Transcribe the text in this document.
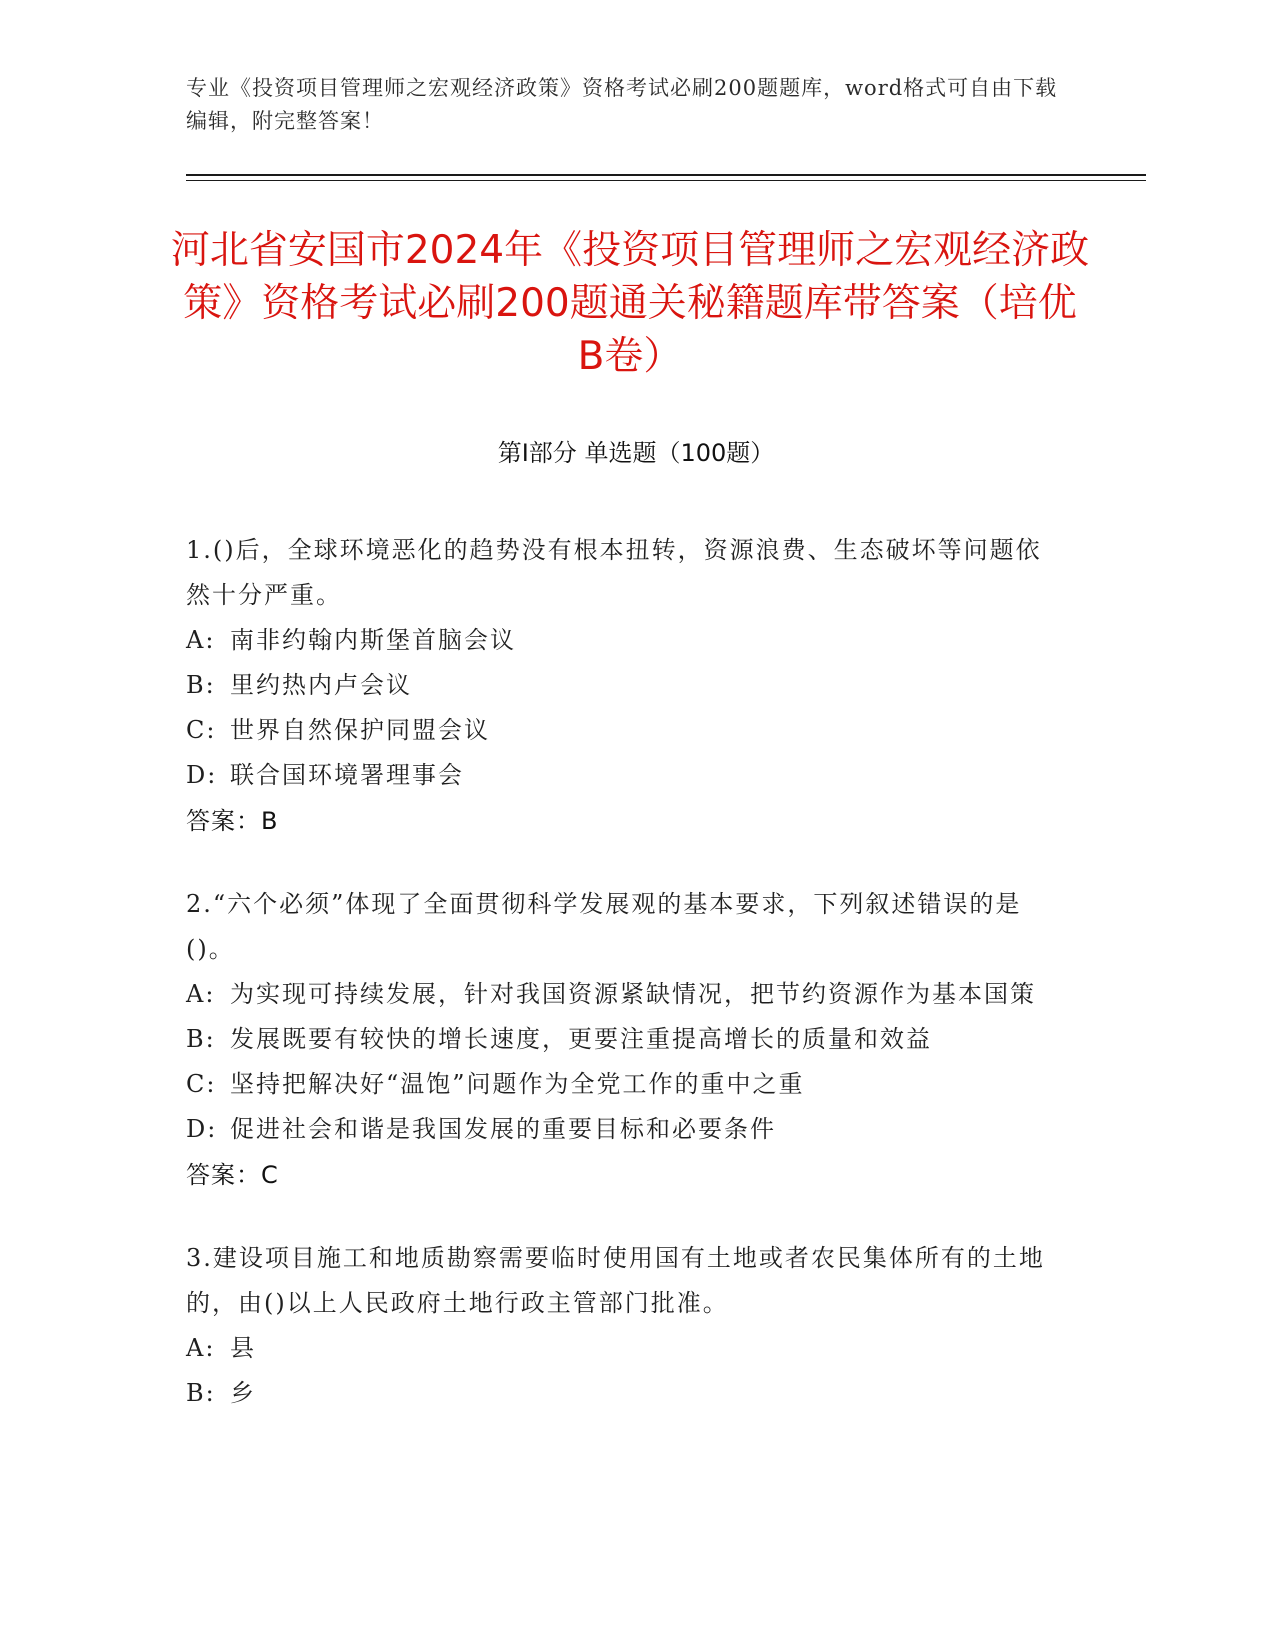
专业《投资项目管理师之宏观经济政策》资格考试必刷200题题库，word格式可自由下载编辑，附完整答案！
河北省安国市2024年《投资项目管理师之宏观经济政策》资格考试必刷200题通关秘籍题库带答案（培优B卷）
第Ⅰ部分 单选题（100题）
1.()后，全球环境恶化的趋势没有根本扭转，资源浪费、生态破坏等问题依然十分严重。
A: 南非约翰内斯堡首脑会议
B: 里约热内卢会议
C: 世界自然保护同盟会议
D: 联合国环境署理事会
答案：B
2.“六个必须”体现了全面贯彻科学发展观的基本要求，下列叙述错误的是()。
A: 为实现可持续发展，针对我国资源紧缺情况，把节约资源作为基本国策
B: 发展既要有较快的增长速度，更要注重提高增长的质量和效益
C: 坚持把解决好“温饱”问题作为全党工作的重中之重
D: 促进社会和谐是我国发展的重要目标和必要条件
答案：C
3.建设项目施工和地质勘察需要临时使用国有土地或者农民集体所有的土地的，由()以上人民政府土地行政主管部门批准。
A: 县
B: 乡
